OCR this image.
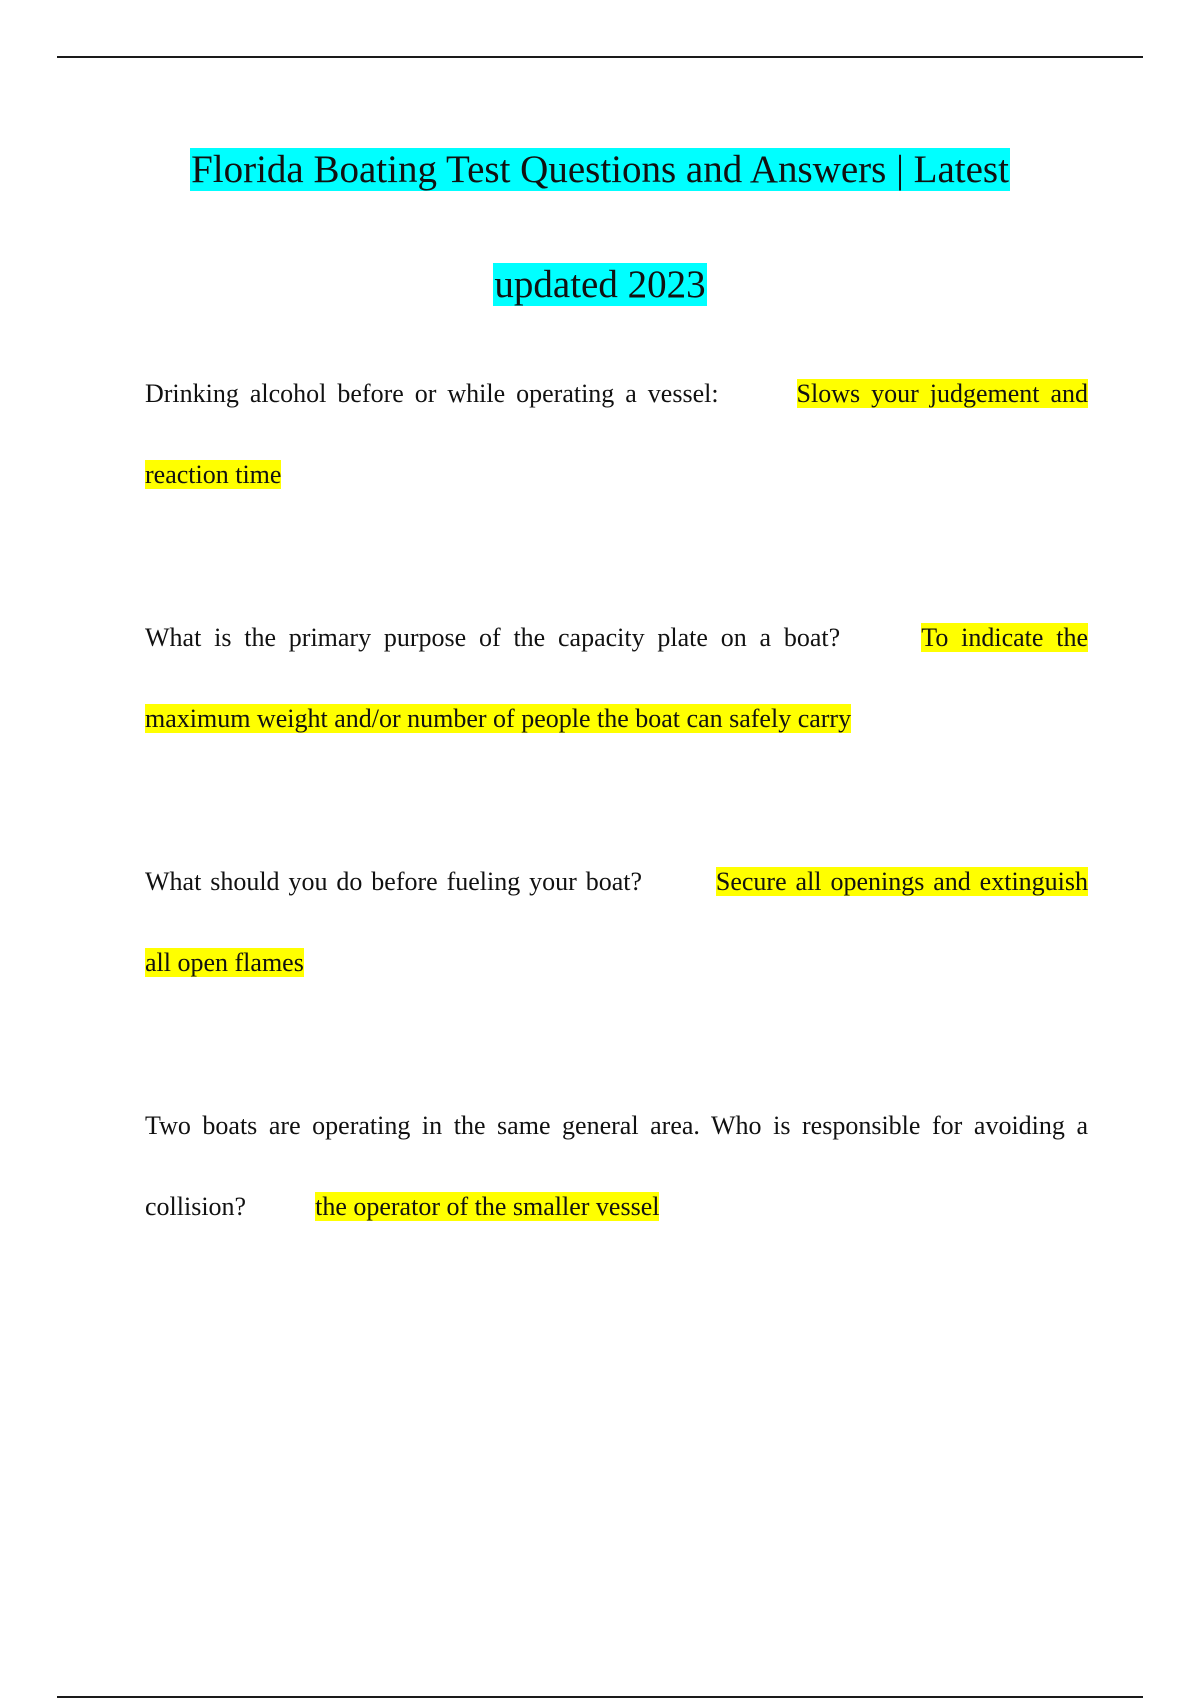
Florida Boating Test Questions and Answers | Latest
updated 2023
Drinking alcohol before or while operating a vessel:	Slows your judgement and reaction time
What is the primary purpose of the capacity plate on a boat?	To indicate the maximum weight and/or number of people the boat can safely carry
What should you do before fueling your boat?	Secure all openings and extinguish all open flames
Two boats are operating in the same general area. Who is responsible for avoiding a collision?	the operator of the smaller vessel
